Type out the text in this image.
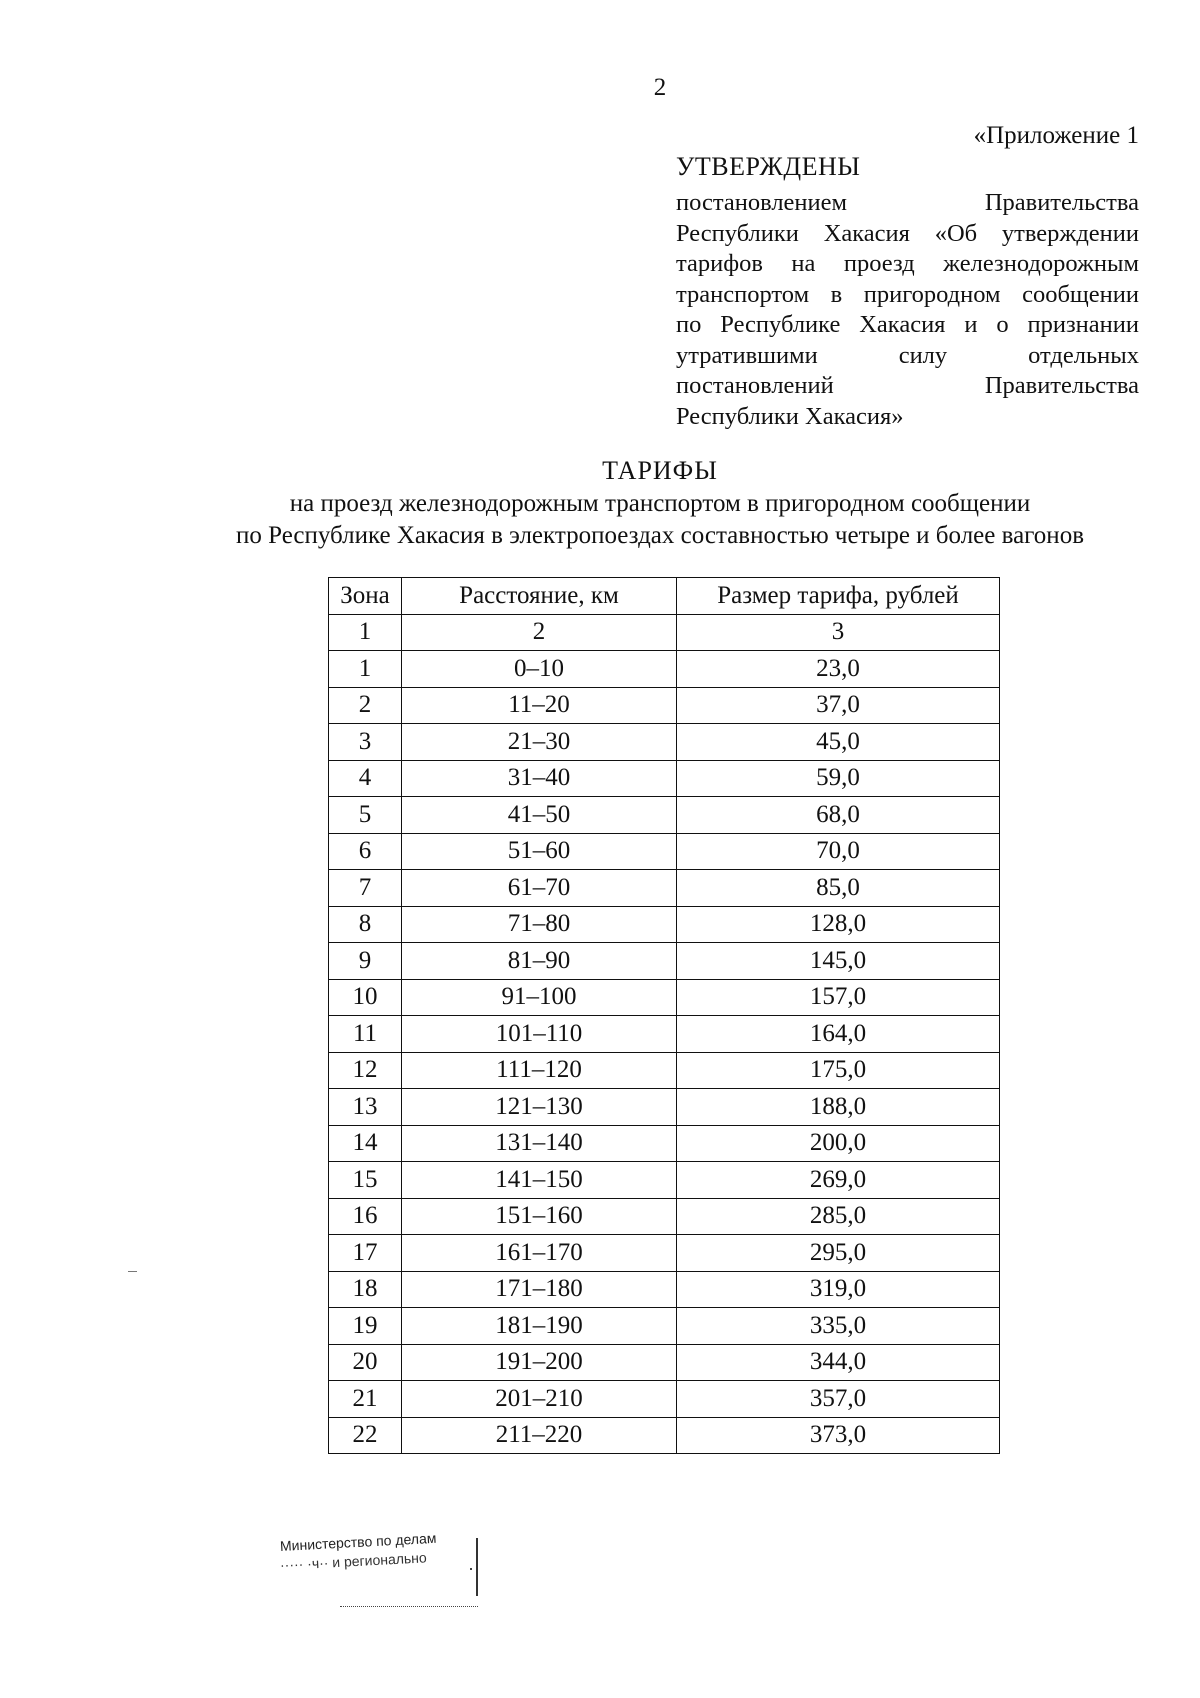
2
«Приложение 1
УТВЕРЖДЕНЫ
постановлением Правительства
Республики Хакасия «Об утверждении
тарифов на проезд железнодорожным
транспортом в пригородном сообщении
по Республике Хакасия и о признании
утратившими силу отдельных
постановлений Правительства
Республики Хакасия»
ТАРИФЫ
на проезд железнодорожным транспортом в пригородном сообщении
по Республике Хакасия в электропоездах составностью четыре и более вагонов
Зона	Расстояние, км	Размер тарифа, рублей
1	2	3
1	0–10	23,0
2	11–20	37,0
3	21–30	45,0
4	31–40	59,0
5	41–50	68,0
6	51–60	70,0
7	61–70	85,0
8	71–80	128,0
9	81–90	145,0
10	91–100	157,0
11	101–110	164,0
12	111–120	175,0
13	121–130	188,0
14	131–140	200,0
15	141–150	269,0
16	151–160	285,0
17	161–170	295,0
18	171–180	319,0
19	181–190	335,0
20	191–200	344,0
21	201–210	357,0
22	211–220	373,0
Министерство по делам
····· ·ч·· и регионально
